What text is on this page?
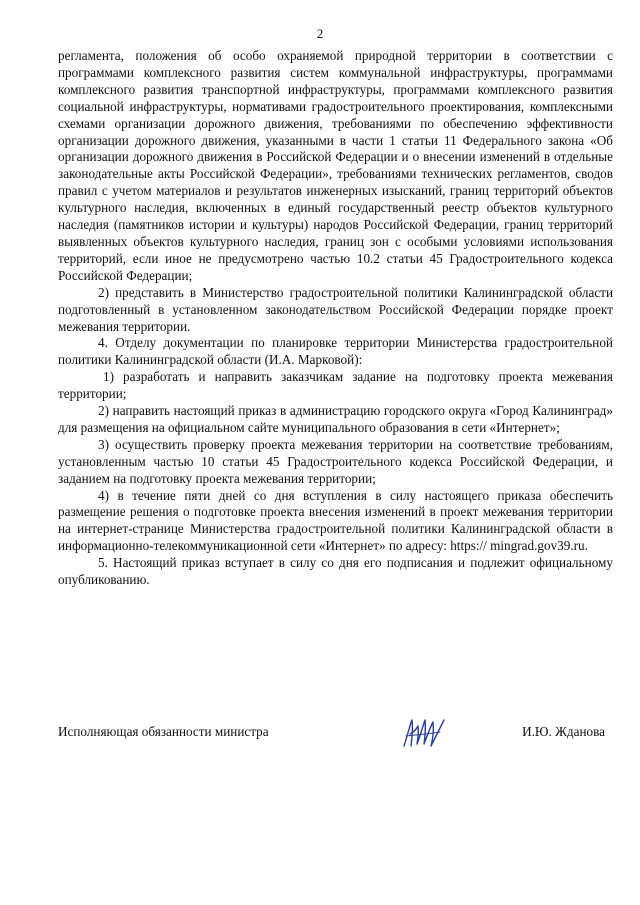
2

регламента, положения об особо охраняемой природной территории в соответствии с программами комплексного развития систем коммунальной инфраструктуры, программами комплексного развития транспортной инфраструктуры, программами комплексного развития социальной инфраструктуры, нормативами градостроительного проектирования, комплексными схемами организации дорожного движения, требованиями по обеспечению эффективности организации дорожного движения, указанными в части 1 статьи 11 Федерального закона «Об организации дорожного движения в Российской Федерации и о внесении изменений в отдельные законодательные акты Российской Федерации», требованиями технических регламентов, сводов правил с учетом материалов и результатов инженерных изысканий, границ территорий объектов культурного наследия, включенных в единый государственный реестр объектов культурного наследия (памятников истории и культуры) народов Российской Федерации, границ территорий выявленных объектов культурного наследия, границ зон с особыми условиями использования территорий, если иное не предусмотрено частью 10.2 статьи 45 Градостроительного кодекса Российской Федерации;

2) представить в Министерство градостроительной политики Калининградской области подготовленный в установленном законодательством Российской Федерации порядке проект межевания территории.

4. Отделу документации по планировке территории Министерства градостроительной политики Калининградской области (И.А. Марковой):

1) разработать и направить заказчикам задание на подготовку проекта межевания территории;

2) направить настоящий приказ в администрацию городского округа «Город Калининград» для размещения на официальном сайте муниципального образования в сети «Интернет»;

3) осуществить проверку проекта межевания территории на соответствие требованиям, установленным частью 10 статьи 45 Градостроительного кодекса Российской Федерации, и заданием на подготовку проекта межевания территории;

4) в течение пяти дней со дня вступления в силу настоящего приказа обеспечить размещение решения о подготовке проекта внесения изменений в проект межевания территории на интернет-странице Министерства градостроительной политики Калининградской области в информационно-телекоммуникационной сети «Интернет» по адресу: https:// mingrad.gov39.ru.

5. Настоящий приказ вступает в силу со дня его подписания и подлежит официальному опубликованию.

Исполняющая обязанности министра	И.Ю. Жданова
